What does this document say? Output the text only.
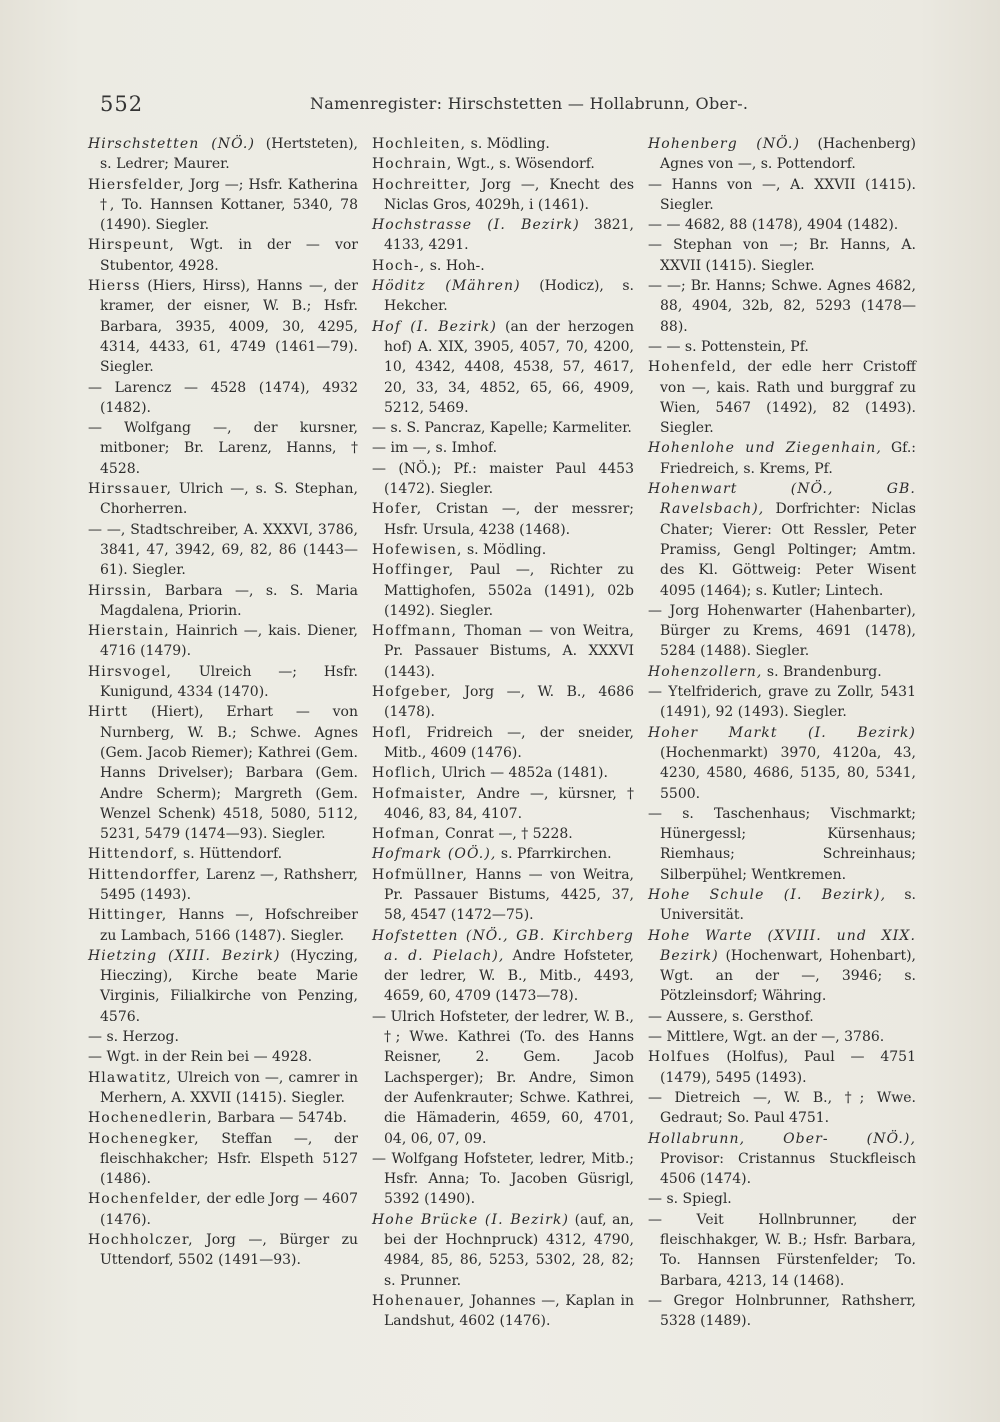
552	Namenregister: Hirschstetten — Hollabrunn, Ober-.

Hirschstetten (NÖ.) (Hertsteten), s. Ledrer; Maurer.

Hiersfelder, Jorg —; Hsfr. Katherina †, To. Hannsen Kottaner, 5340, 78 (1490). Siegler.

Hirspeunt, Wgt. in der — vor Stubentor, 4928.

Hierss (Hiers, Hirss), Hanns —, der kramer, der eisner, W. B.; Hsfr. Barbara, 3935, 4009, 30, 4295, 4314, 4433, 61, 4749 (1461—79). Siegler.

— Larencz — 4528 (1474), 4932 (1482).

— Wolfgang —, der kursner, mitboner; Br. Larenz, Hanns, † 4528.

Hirssauer, Ulrich —, s. S. Stephan, Chorherren.

— —, Stadtschreiber, A. XXXVI, 3786, 3841, 47, 3942, 69, 82, 86 (1443—61). Siegler.

Hirssin, Barbara —, s. S. Maria Magdalena, Priorin.

Hierstain, Hainrich —, kais. Diener, 4716 (1479).

Hirsvogel, Ulreich —; Hsfr. Kunigund, 4334 (1470).

Hirtt (Hiert), Erhart — von Nurnberg, W. B.; Schwe. Agnes (Gem. Jacob Riemer); Kathrei (Gem. Hanns Drivelser); Barbara (Gem. Andre Scherm); Margreth (Gem. Wenzel Schenk) 4518, 5080, 5112, 5231, 5479 (1474—93). Siegler.

Hittendorf, s. Hüttendorf.

Hittendorffer, Larenz —, Rathsherr, 5495 (1493).

Hittinger, Hanns —, Hofschreiber zu Lambach, 5166 (1487). Siegler.

Hietzing (XIII. Bezirk) (Hyczing, Hieczing), Kirche beate Marie Virginis, Filialkirche von Penzing, 4576.

— s. Herzog.

— Wgt. in der Rein bei — 4928.

Hlawatitz, Ulreich von —, camrer in Merhern, A. XXVII (1415). Siegler.

Hochenedlerin, Barbara — 5474b.

Hochenegker, Steffan —, der fleischhakcher; Hsfr. Elspeth 5127 (1486).

Hochenfelder, der edle Jorg — 4607 (1476).

Hochholczer, Jorg —, Bürger zu Uttendorf, 5502 (1491—93).

Hochleiten, s. Mödling.

Hochrain, Wgt., s. Wösendorf.

Hochreitter, Jorg —, Knecht des Niclas Gros, 4029h, i (1461).

Hochstrasse (I. Bezirk) 3821, 4133, 4291.

Hoch-, s. Hoh-.

Höditz (Mähren) (Hodicz), s. Hekcher.

Hof (I. Bezirk) (an der herzogen hof) A. XIX, 3905, 4057, 70, 4200, 10, 4342, 4408, 4538, 57, 4617, 20, 33, 34, 4852, 65, 66, 4909, 5212, 5469.

— s. S. Pancraz, Kapelle; Karmeliter.

— im —, s. Imhof.

— (NÖ.); Pf.: maister Paul 4453 (1472). Siegler.

Hofer, Cristan —, der messrer; Hsfr. Ursula, 4238 (1468).

Hofewisen, s. Mödling.

Hoffinger, Paul —, Richter zu Mattighofen, 5502a (1491), 02b (1492). Siegler.

Hoffmann, Thoman — von Weitra, Pr. Passauer Bistums, A. XXXVI (1443).

Hofgeber, Jorg —, W. B., 4686 (1478).

Hofl, Fridreich —, der sneider, Mitb., 4609 (1476).

Hoflich, Ulrich — 4852a (1481).

Hofmaister, Andre —, kürsner, † 4046, 83, 84, 4107.

Hofman, Conrat —, † 5228.

Hofmark (OÖ.), s. Pfarrkirchen.

Hofmüllner, Hanns — von Weitra, Pr. Passauer Bistums, 4425, 37, 58, 4547 (1472—75).

Hofstetten (NÖ., GB. Kirchberg a. d. Pielach), Andre Hofsteter, der ledrer, W. B., Mitb., 4493, 4659, 60, 4709 (1473—78).

— Ulrich Hofsteter, der ledrer, W. B., †; Wwe. Kathrei (To. des Hanns Reisner, 2. Gem. Jacob Lachsperger); Br. Andre, Simon der Aufenkrauter; Schwe. Kathrei, die Hämaderin, 4659, 60, 4701, 04, 06, 07, 09.

— Wolfgang Hofsteter, ledrer, Mitb.; Hsfr. Anna; To. Jacoben Güsrigl, 5392 (1490).

Hohe Brücke (I. Bezirk) (auf, an, bei der Hochnpruck) 4312, 4790, 4984, 85, 86, 5253, 5302, 28, 82; s. Prunner.

Hohenauer, Johannes —, Kaplan in Landshut, 4602 (1476).

Hohenberg (NÖ.) (Hachenberg) Agnes von —, s. Pottendorf.

— Hanns von —, A. XXVII (1415). Siegler.

— — 4682, 88 (1478), 4904 (1482).

— Stephan von —; Br. Hanns, A. XXVII (1415). Siegler.

— —; Br. Hanns; Schwe. Agnes 4682, 88, 4904, 32b, 82, 5293 (1478—88).

— — s. Pottenstein, Pf.

Hohenfeld, der edle herr Cristoff von —, kais. Rath und burggraf zu Wien, 5467 (1492), 82 (1493). Siegler.

Hohenlohe und Ziegenhain, Gf.: Friedreich, s. Krems, Pf.

Hohenwart (NÖ., GB. Ravelsbach), Dorfrichter: Niclas Chater; Vierer: Ott Ressler, Peter Pramiss, Gengl Poltinger; Amtm. des Kl. Göttweig: Peter Wisent 4095 (1464); s. Kutler; Lintech.

— Jorg Hohenwarter (Hahenbarter), Bürger zu Krems, 4691 (1478), 5284 (1488). Siegler.

Hohenzollern, s. Brandenburg.

— Ytelfriderich, grave zu Zollr, 5431 (1491), 92 (1493). Siegler.

Hoher Markt (I. Bezirk) (Hochenmarkt) 3970, 4120a, 43, 4230, 4580, 4686, 5135, 80, 5341, 5500.

— s. Taschenhaus; Vischmarkt; Hünergessl; Kürsenhaus; Riemhaus; Schreinhaus; Silberpühel; Wentkremen.

Hohe Schule (I. Bezirk), s. Universität.

Hohe Warte (XVIII. und XIX. Bezirk) (Hochenwart, Hohenbart), Wgt. an der —, 3946; s. Pötzleinsdorf; Währing.

— Aussere, s. Gersthof.

— Mittlere, Wgt. an der —, 3786.

Holfues (Holfus), Paul — 4751 (1479), 5495 (1493).

— Dietreich —, W. B., †; Wwe. Gedraut; So. Paul 4751.

Hollabrunn, Ober- (NÖ.), Provisor: Cristannus Stuckfleisch 4506 (1474).

— s. Spiegl.

— Veit Hollnbrunner, der fleischhakger, W. B.; Hsfr. Barbara, To. Hannsen Fürstenfelder; To. Barbara, 4213, 14 (1468).

— Gregor Holnbrunner, Rathsherr, 5328 (1489).
